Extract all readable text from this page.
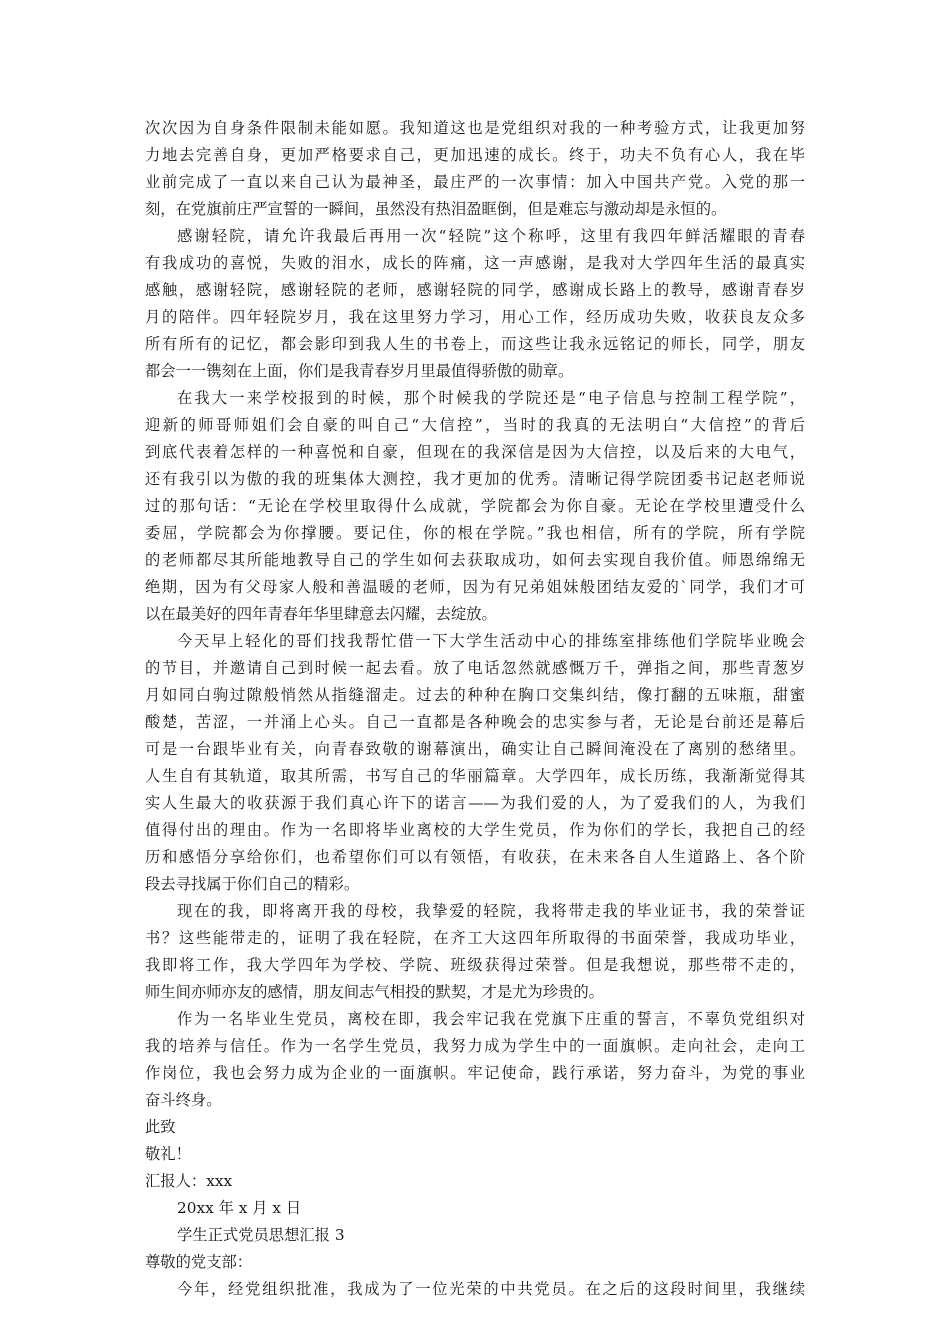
次次因为自身条件限制未能如愿。我知道这也是党组织对我的一种考验方式，让我更加努
力地去完善自身，更加严格要求自己，更加迅速的成长。终于，功夫不负有心人，我在毕
业前完成了一直以来自己认为最神圣，最庄严的一次事情：加入中国共产党。入党的那一
刻，在党旗前庄严宣誓的一瞬间，虽然没有热泪盈眶倒，但是难忘与激动却是永恒的。
感谢轻院，请允许我最后再用一次“轻院”这个称呼，这里有我四年鲜活耀眼的青春
有我成功的喜悦，失败的泪水，成长的阵痛，这一声感谢，是我对大学四年生活的最真实
感触，感谢轻院，感谢轻院的老师，感谢轻院的同学，感谢成长路上的教导，感谢青春岁
月的陪伴。四年轻院岁月，我在这里努力学习，用心工作，经历成功失败，收获良友众多
所有所有的记忆，都会影印到我人生的书卷上，而这些让我永远铭记的师长，同学，朋友
都会一一镌刻在上面，你们是我青春岁月里最值得骄傲的勋章。
在我大一来学校报到的时候，那个时候我的学院还是“电子信息与控制工程学院”，
迎新的师哥师姐们会自豪的叫自己“大信控”，当时的我真的无法明白“大信控”的背后
到底代表着怎样的一种喜悦和自豪，但现在的我深信是因为大信控，以及后来的大电气，
还有我引以为傲的我的班集体大测控，我才更加的优秀。清晰记得学院团委书记赵老师说
过的那句话：“无论在学校里取得什么成就，学院都会为你自豪。无论在学校里遭受什么
委屈，学院都会为你撑腰。要记住，你的根在学院。”我也相信，所有的学院，所有学院
的老师都尽其所能地教导自己的学生如何去获取成功，如何去实现自我价值。师恩绵绵无
绝期，因为有父母家人般和善温暖的老师，因为有兄弟姐妹般团结友爱的`同学，我们才可
以在最美好的四年青春年华里肆意去闪耀，去绽放。
今天早上轻化的哥们找我帮忙借一下大学生活动中心的排练室排练他们学院毕业晚会
的节目，并邀请自己到时候一起去看。放了电话忽然就感慨万千，弹指之间，那些青葱岁
月如同白驹过隙般悄然从指缝溜走。过去的种种在胸口交集纠结，像打翻的五味瓶，甜蜜
酸楚，苦涩，一并涌上心头。自己一直都是各种晚会的忠实参与者，无论是台前还是幕后
可是一台跟毕业有关，向青春致敬的谢幕演出，确实让自己瞬间淹没在了离别的愁绪里。
人生自有其轨道，取其所需，书写自己的华丽篇章。大学四年，成长历练，我渐渐觉得其
实人生最大的收获源于我们真心许下的诺言——为我们爱的人，为了爱我们的人，为我们
值得付出的理由。作为一名即将毕业离校的大学生党员，作为你们的学长，我把自己的经
历和感悟分享给你们，也希望你们可以有领悟，有收获，在未来各自人生道路上、各个阶
段去寻找属于你们自己的精彩。
现在的我，即将离开我的母校，我挚爱的轻院，我将带走我的毕业证书，我的荣誉证
书？这些能带走的，证明了我在轻院，在齐工大这四年所取得的书面荣誉，我成功毕业，
我即将工作，我大学四年为学校、学院、班级获得过荣誉。但是我想说，那些带不走的，
师生间亦师亦友的感情，朋友间志气相投的默契，才是尤为珍贵的。
作为一名毕业生党员，离校在即，我会牢记我在党旗下庄重的誓言，不辜负党组织对
我的培养与信任。作为一名学生党员，我努力成为学生中的一面旗帜。走向社会，走向工
作岗位，我也会努力成为企业的一面旗帜。牢记使命，践行承诺，努力奋斗，为党的事业
奋斗终身。
此致
敬礼！
汇报人：xxx
20xx 年 x 月 x 日
学生正式党员思想汇报 3
尊敬的党支部：
今年，经党组织批准，我成为了一位光荣的中共党员。在之后的这段时间里，我继续
